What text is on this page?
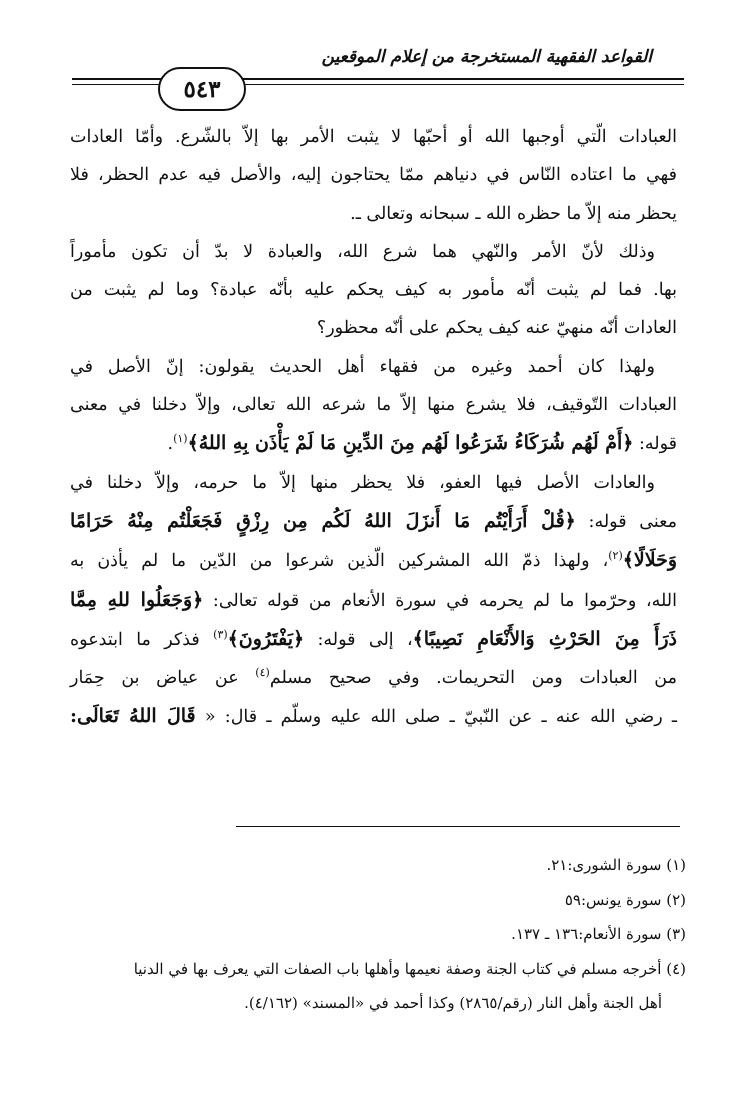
القواعد الفقهية المستخرجة من إعلام الموقعين
٥٤٣

العبادات الّتي أوجبها الله أو أحبّها لا يثبت الأمر بها إلاّ بالشّرع. وأمّا العادات

فهي ما اعتاده النّاس في دنياهم ممّا يحتاجون إليه، والأصل فيه عدم الحظر، فلا

يحظر منه إلاّ ما حظره الله ـ سبحانه وتعالى ـ.

وذلك لأنّ الأمر والنّهي هما شرع الله، والعبادة لا بدّ أن تكون مأموراً

بها. فما لم يثبت أنّه مأمور به كيف يحكم عليه بأنّه عبادة؟ وما لم يثبت من

العادات أنّه منهيّ عنه كيف يحكم على أنّه محظور؟

ولهذا كان أحمد وغيره من فقهاء أهل الحديث يقولون: إنّ الأصل في

العبادات التّوقيف، فلا يشرع منها إلاّ ما شرعه الله تعالى، وإلاّ دخلنا في معنى

قوله: ﴿أَمْ لَهُم شُرَكَاءُ شَرَعُوا لَهُم مِنَ الدِّينِ مَا لَمْ يَأْذَن بِهِ اللهُ﴾$^{(١)}$.

والعادات الأصل فيها العفو، فلا يحظر منها إلاّ ما حرمه، وإلاّ دخلنا في

معنى قوله: ﴿قُلْ أَرَأَيْتُم مَا أَنزَلَ اللهُ لَكُم مِن رِزْقٍ فَجَعَلْتُم مِنْهُ حَرَامًا

وَحَلَالًا﴾$^{(٢)}$، ولهذا ذمّ الله المشركين الّذين شرعوا من الدّين ما لم يأذن به

الله، وحرّموا ما لم يحرمه في سورة الأنعام من قوله تعالى: ﴿وَجَعَلُوا للهِ مِمَّا

ذَرَأَ مِنَ الحَرْثِ وَالأَنْعَامِ نَصِيبًا﴾، إلى قوله: ﴿يَفْتَرُونَ﴾$^{(٣)}$ فذكر ما ابتدعوه

من العبادات ومن التحريمات. وفي صحيح مسلم$^{(٤)}$ عن عياض بن حِمَار

ـ رضي الله عنه ـ عن النّبيّ ـ صلى الله عليه وسلّم ـ قال: « قَالَ اللهُ تَعَالَى:

(١) سورة الشورى:٢١.
(٢) سورة يونس:٥٩
(٣) سورة الأنعام:١٣٦ ـ ١٣٧.
(٤) أخرجه مسلم في كتاب الجنة وصفة نعيمها وأهلها باب الصفات التي يعرف بها في الدنيا
أهل الجنة وأهل النار (رقم/٢٨٦٥) وكذا أحمد في «المسند» (٤/١٦٢).
